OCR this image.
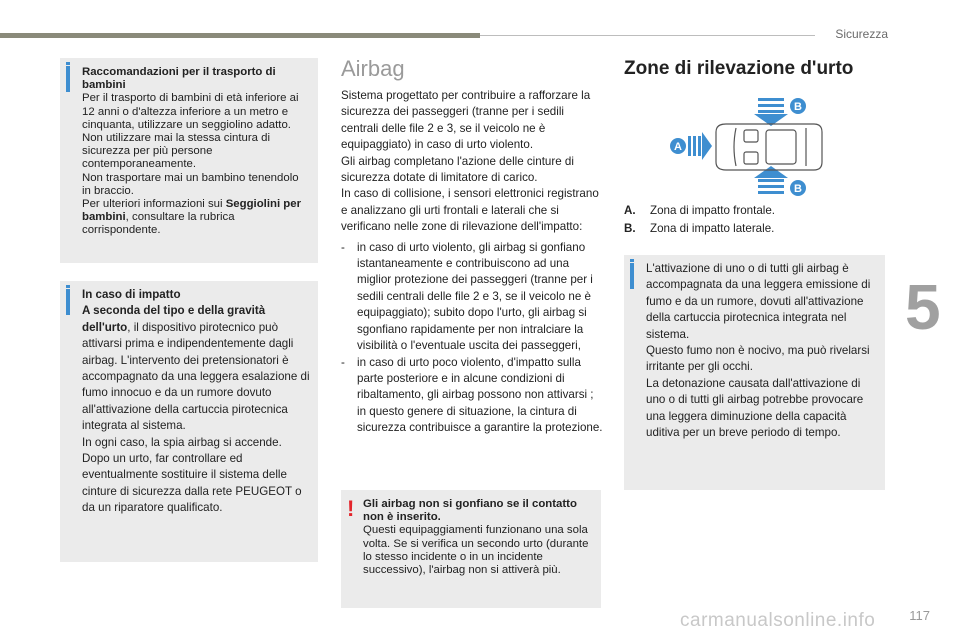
Sicurezza
5

Raccomandazioni per il trasporto di bambini

Per il trasporto di bambini di età inferiore ai 12 anni o d'altezza inferiore a un metro e cinquanta, utilizzare un seggiolino adatto.

Non utilizzare mai la stessa cintura di sicurezza per più persone contemporaneamente.

Non trasportare mai un bambino tenendolo in braccio.

Per ulteriori informazioni sui Seggiolini per bambini, consultare la rubrica corrispondente.

In caso di impatto

A seconda del tipo e della gravità dell'urto, il dispositivo pirotecnico può attivarsi prima e indipendentemente dagli airbag. L'intervento dei pretensionatori è accompagnato da una leggera esalazione di fumo innocuo e da un rumore dovuto all'attivazione della cartuccia pirotecnica integrata al sistema.

In ogni caso, la spia airbag si accende.

Dopo un urto, far controllare ed eventualmente sostituire il sistema delle cinture di sicurezza dalla rete PEUGEOT o da un riparatore qualificato.

Airbag

Sistema progettato per contribuire a rafforzare la sicurezza dei passeggeri (tranne per i sedili centrali delle file 2 e 3, se il veicolo ne è equipaggiato) in caso di urto violento.

Gli airbag completano l'azione delle cinture di sicurezza dotate di limitatore di carico.

In caso di collisione, i sensori elettronici registrano e analizzano gli urti frontali e laterali che si verificano nelle zone di rilevazione dell'impatto:

- in caso di urto violento, gli airbag si gonfiano istantaneamente e contribuiscono ad una miglior protezione dei passeggeri (tranne per i sedili centrali delle file 2 e 3, se il veicolo ne è equipaggiato); subito dopo l'urto, gli airbag si sgonfiano rapidamente per non intralciare la visibilità o l'eventuale uscita dei passeggeri,
- in caso di urto poco violento, d'impatto sulla parte posteriore e in alcune condizioni di ribaltamento, gli airbag possono non attivarsi ; in questo genere di situazione, la cintura di sicurezza contribuisce a garantire la protezione.
! Gli airbag non si gonfiano se il contatto non è inserito.

Questi equipaggiamenti funzionano una sola volta. Se si verifica un secondo urto (durante lo stesso incidente o in un incidente successivo), l'airbag non si attiverà più.

Zone di rilevazione d'urto
B
B
A
A. Zona di impatto frontale.
B. Zona di impatto laterale.

L'attivazione di uno o di tutti gli airbag è accompagnata da una leggera emissione di fumo e da un rumore, dovuti all'attivazione della cartuccia pirotecnica integrata nel sistema.

Questo fumo non è nocivo, ma può rivelarsi irritante per gli occhi.

La detonazione causata dall'attivazione di uno o di tutti gli airbag potrebbe provocare una leggera diminuzione della capacità uditiva per un breve periodo di tempo.

carmanualsonline.info	117
